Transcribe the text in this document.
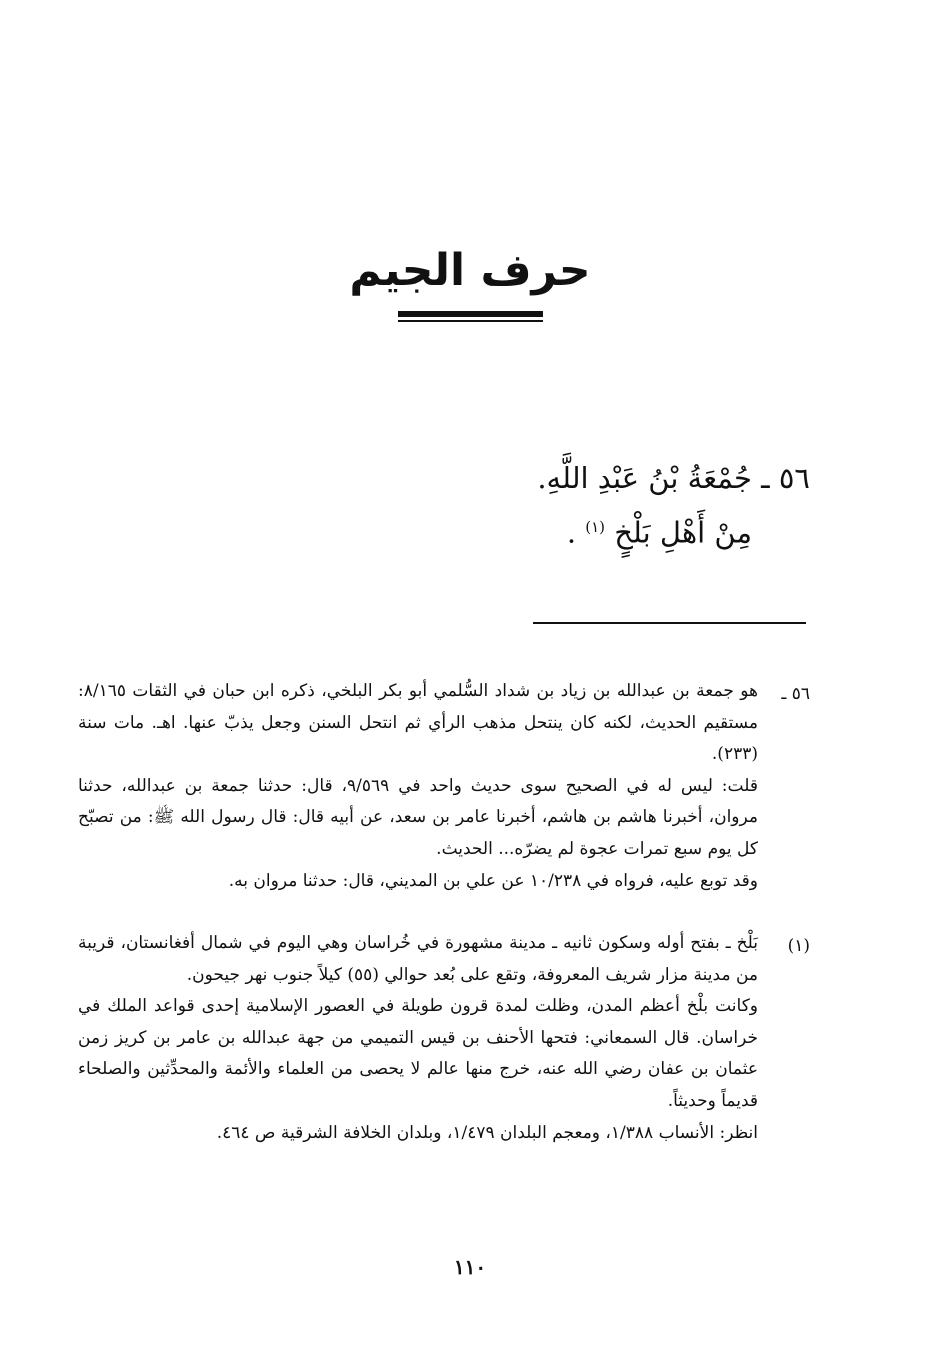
حرف الجيم
٥٦ ـ جُمْعَةُ بْنُ عَبْدِ اللَّهِ.
مِنْ أَهْلِ بَلْخٍ $^{(١)}$ .
٥٦ ـ

هو جمعة بن عبدالله بن زياد بن شداد السُّلمي أبو بكر البلخي، ذكره ابن حبان في الثقات ٨/١٦٥: مستقيم الحديث، لكنه كان ينتحل مذهب الرأي ثم انتحل السنن وجعل يذبّ عنها. اهـ. مات سنة (٢٣٣).

قلت: ليس له في الصحيح سوى حديث واحد في ٩/٥٦٩، قال: حدثنا جمعة بن عبدالله، حدثنا مروان، أخبرنا هاشم بن هاشم، أخبرنا عامر بن سعد، عن أبيه قال: قال رسول الله ﷺ: من تصبّح كل يوم سبع تمرات عجوة لم يضرّه... الحديث.

وقد توبع عليه، فرواه في ١٠/٢٣٨ عن علي بن المديني، قال: حدثنا مروان به.

(١)

بَلْخ ـ بفتح أوله وسكون ثانيه ـ مدينة مشهورة في خُراسان وهي اليوم في شمال أفغانستان، قريبة من مدينة مزار شريف المعروفة، وتقع على بُعد حوالي (٥٥) كيلاً جنوب نهر جيحون.

وكانت بلْخ أعظم المدن، وظلت لمدة قرون طويلة في العصور الإسلامية إحدى قواعد الملك في خراسان. قال السمعاني: فتحها الأحنف بن قيس التميمي من جهة عبدالله بن عامر بن كريز زمن عثمان بن عفان رضي الله عنه، خرج منها عالم لا يحصى من العلماء والأئمة والمحدِّثين والصلحاء قديماً وحديثاً.

انظر: الأنساب ١/٣٨٨، ومعجم البلدان ١/٤٧٩، وبلدان الخلافة الشرقية ص ٤٦٤.

١١٠
